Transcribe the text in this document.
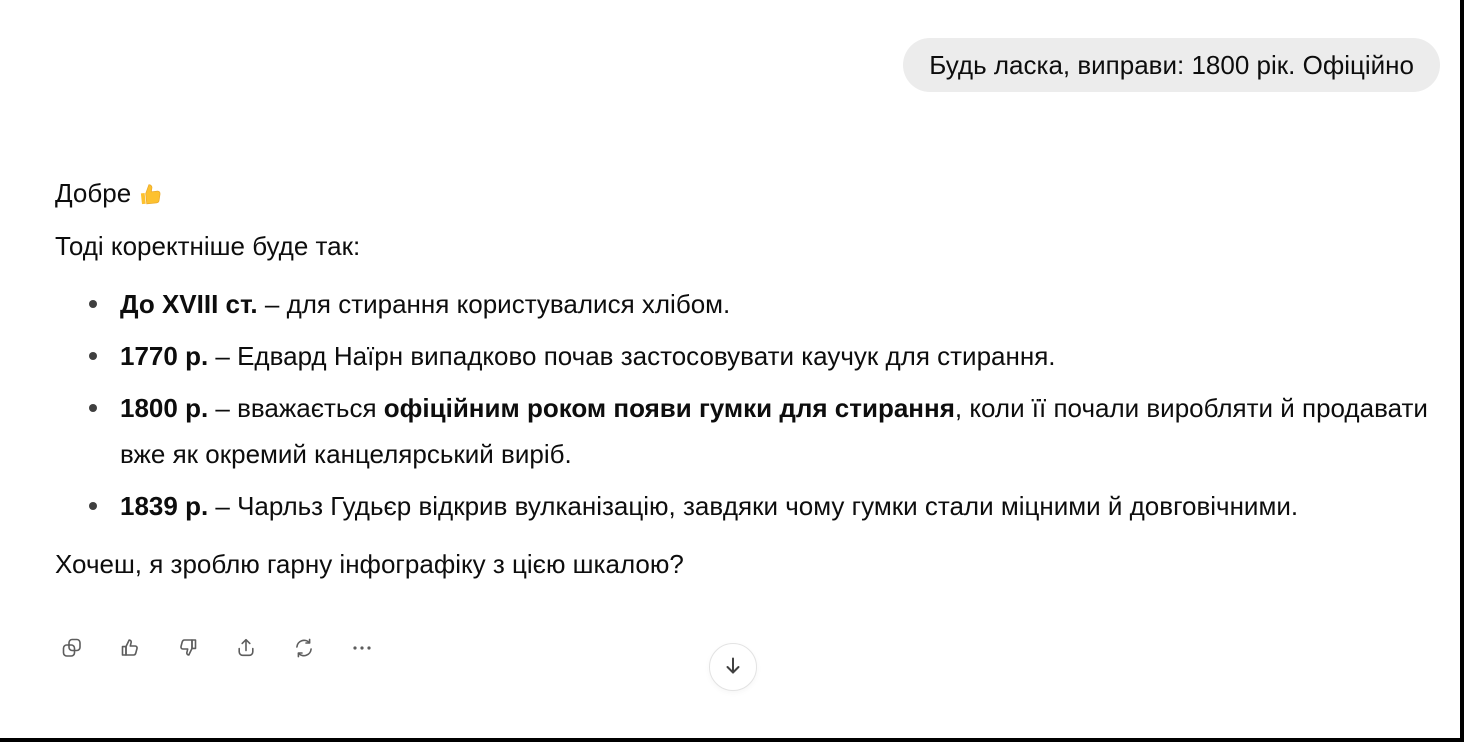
Будь ласка, виправи: 1800 рік. Офіційно

Добре
Тоді коректніше буде так:

До XVIII ст. – для стирання користувалися хлібом.
1770 р. – Едвард Наїрн випадково почав застосовувати каучук для стирання.
1800 р. – вважається офіційним роком появи гумки для стирання, коли її почали виробляти й продавати вже як окремий канцелярський виріб.
1839 р. – Чарльз Гудьєр відкрив вулканізацію, завдяки чому гумки стали міцними й довговічними.

Хочеш, я зроблю гарну інфографіку з цією шкалою?
